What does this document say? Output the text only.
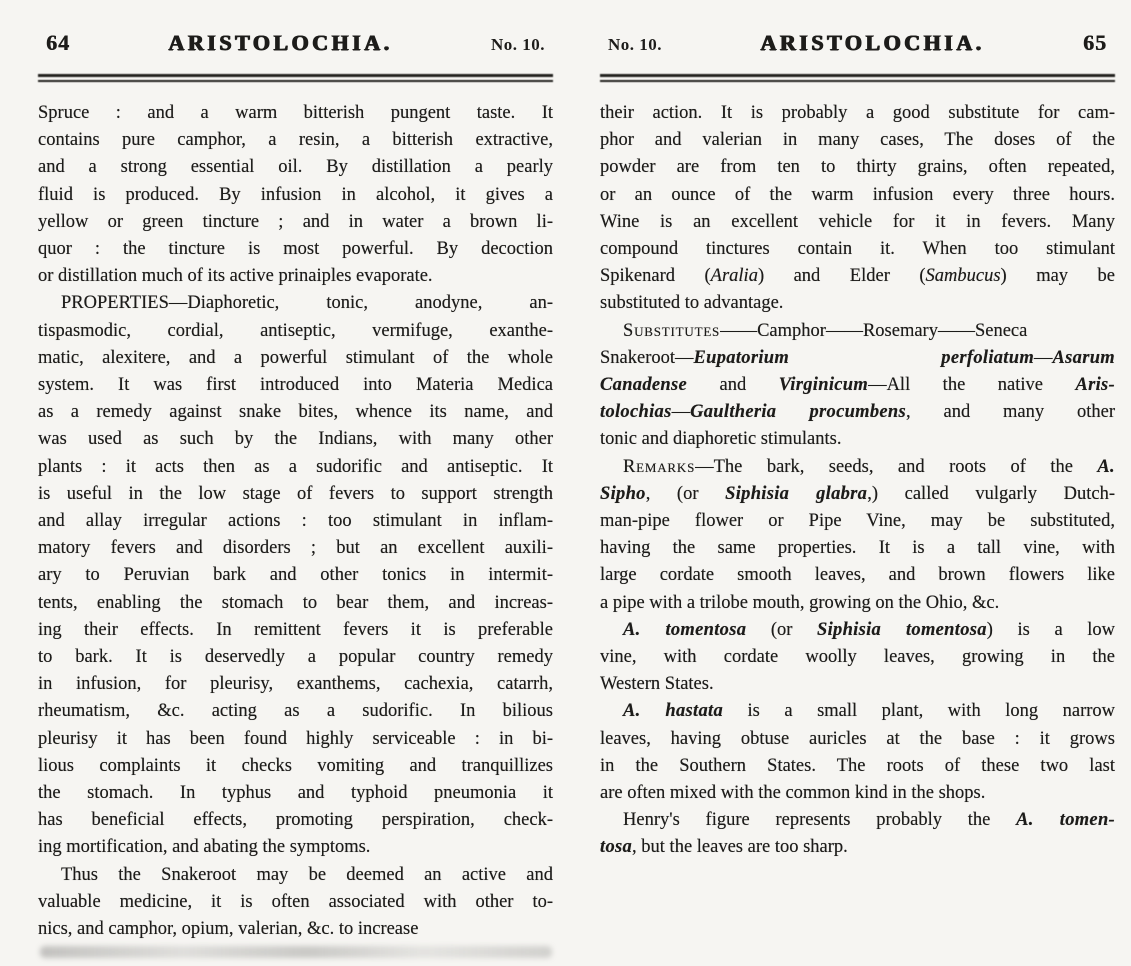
64	ARISTOLOCHIA.	No. 10.
Spruce : and a warm bitterish pungent taste. It
contains pure camphor, a resin, a bitterish extractive,
and a strong essential oil. By distillation a pearly
fluid is produced. By infusion in alcohol, it gives a
yellow or green tincture ; and in water a brown li-
quor : the tincture is most powerful. By decoction
or distillation much of its active prinaiples evaporate.
PROPERTIES—Diaphoretic, tonic, anodyne, an-
tispasmodic, cordial, antiseptic, vermifuge, exanthe-
matic, alexitere, and a powerful stimulant of the whole
system. It was first introduced into Materia Medica
as a remedy against snake bites, whence its name, and
was used as such by the Indians, with many other
plants : it acts then as a sudorific and antiseptic. It
is useful in the low stage of fevers to support strength
and allay irregular actions : too stimulant in inflam-
matory fevers and disorders ; but an excellent auxili-
ary to Peruvian bark and other tonics in intermit-
tents, enabling the stomach to bear them, and increas-
ing their effects. In remittent fevers it is preferable
to bark. It is deservedly a popular country remedy
in infusion, for pleurisy, exanthems, cachexia, catarrh,
rheumatism, &c. acting as a sudorific. In bilious
pleurisy it has been found highly serviceable : in bi-
lious complaints it checks vomiting and tranquillizes
the stomach. In typhus and typhoid pneumonia it
has beneficial effects, promoting perspiration, check-
ing mortification, and abating the symptoms.
Thus the Snakeroot may be deemed an active and
valuable medicine, it is often associated with other to-
nics, and camphor, opium, valerian, &c. to increase
No. 10.	ARISTOLOCHIA.	65
their action. It is probably a good substitute for cam-
phor and valerian in many cases, The doses of the
powder are from ten to thirty grains, often repeated,
or an ounce of the warm infusion every three hours.
Wine is an excellent vehicle for it in fevers. Many
compound tinctures contain it. When too stimulant
Spikenard (Aralia) and Elder (Sambucus) may be
substituted to advantage.
Substitutes——Camphor——Rosemary——Seneca
Snakeroot—Eupatorium perfoliatum—Asarum
Canadense and Virginicum—All the native Aris-
tolochias—Gaultheria procumbens, and many other
tonic and diaphoretic stimulants.
Remarks—The bark, seeds, and roots of the A.
Sipho, (or Siphisia glabra,) called vulgarly Dutch-
man-pipe flower or Pipe Vine, may be substituted,
having the same properties. It is a tall vine, with
large cordate smooth leaves, and brown flowers like
a pipe with a trilobe mouth, growing on the Ohio, &c.
A. tomentosa (or Siphisia tomentosa) is a low
vine, with cordate woolly leaves, growing in the
Western States.
A. hastata is a small plant, with long narrow
leaves, having obtuse auricles at the base : it grows
in the Southern States. The roots of these two last
are often mixed with the common kind in the shops.
Henry's figure represents probably the A. tomen-
tosa, but the leaves are too sharp.
